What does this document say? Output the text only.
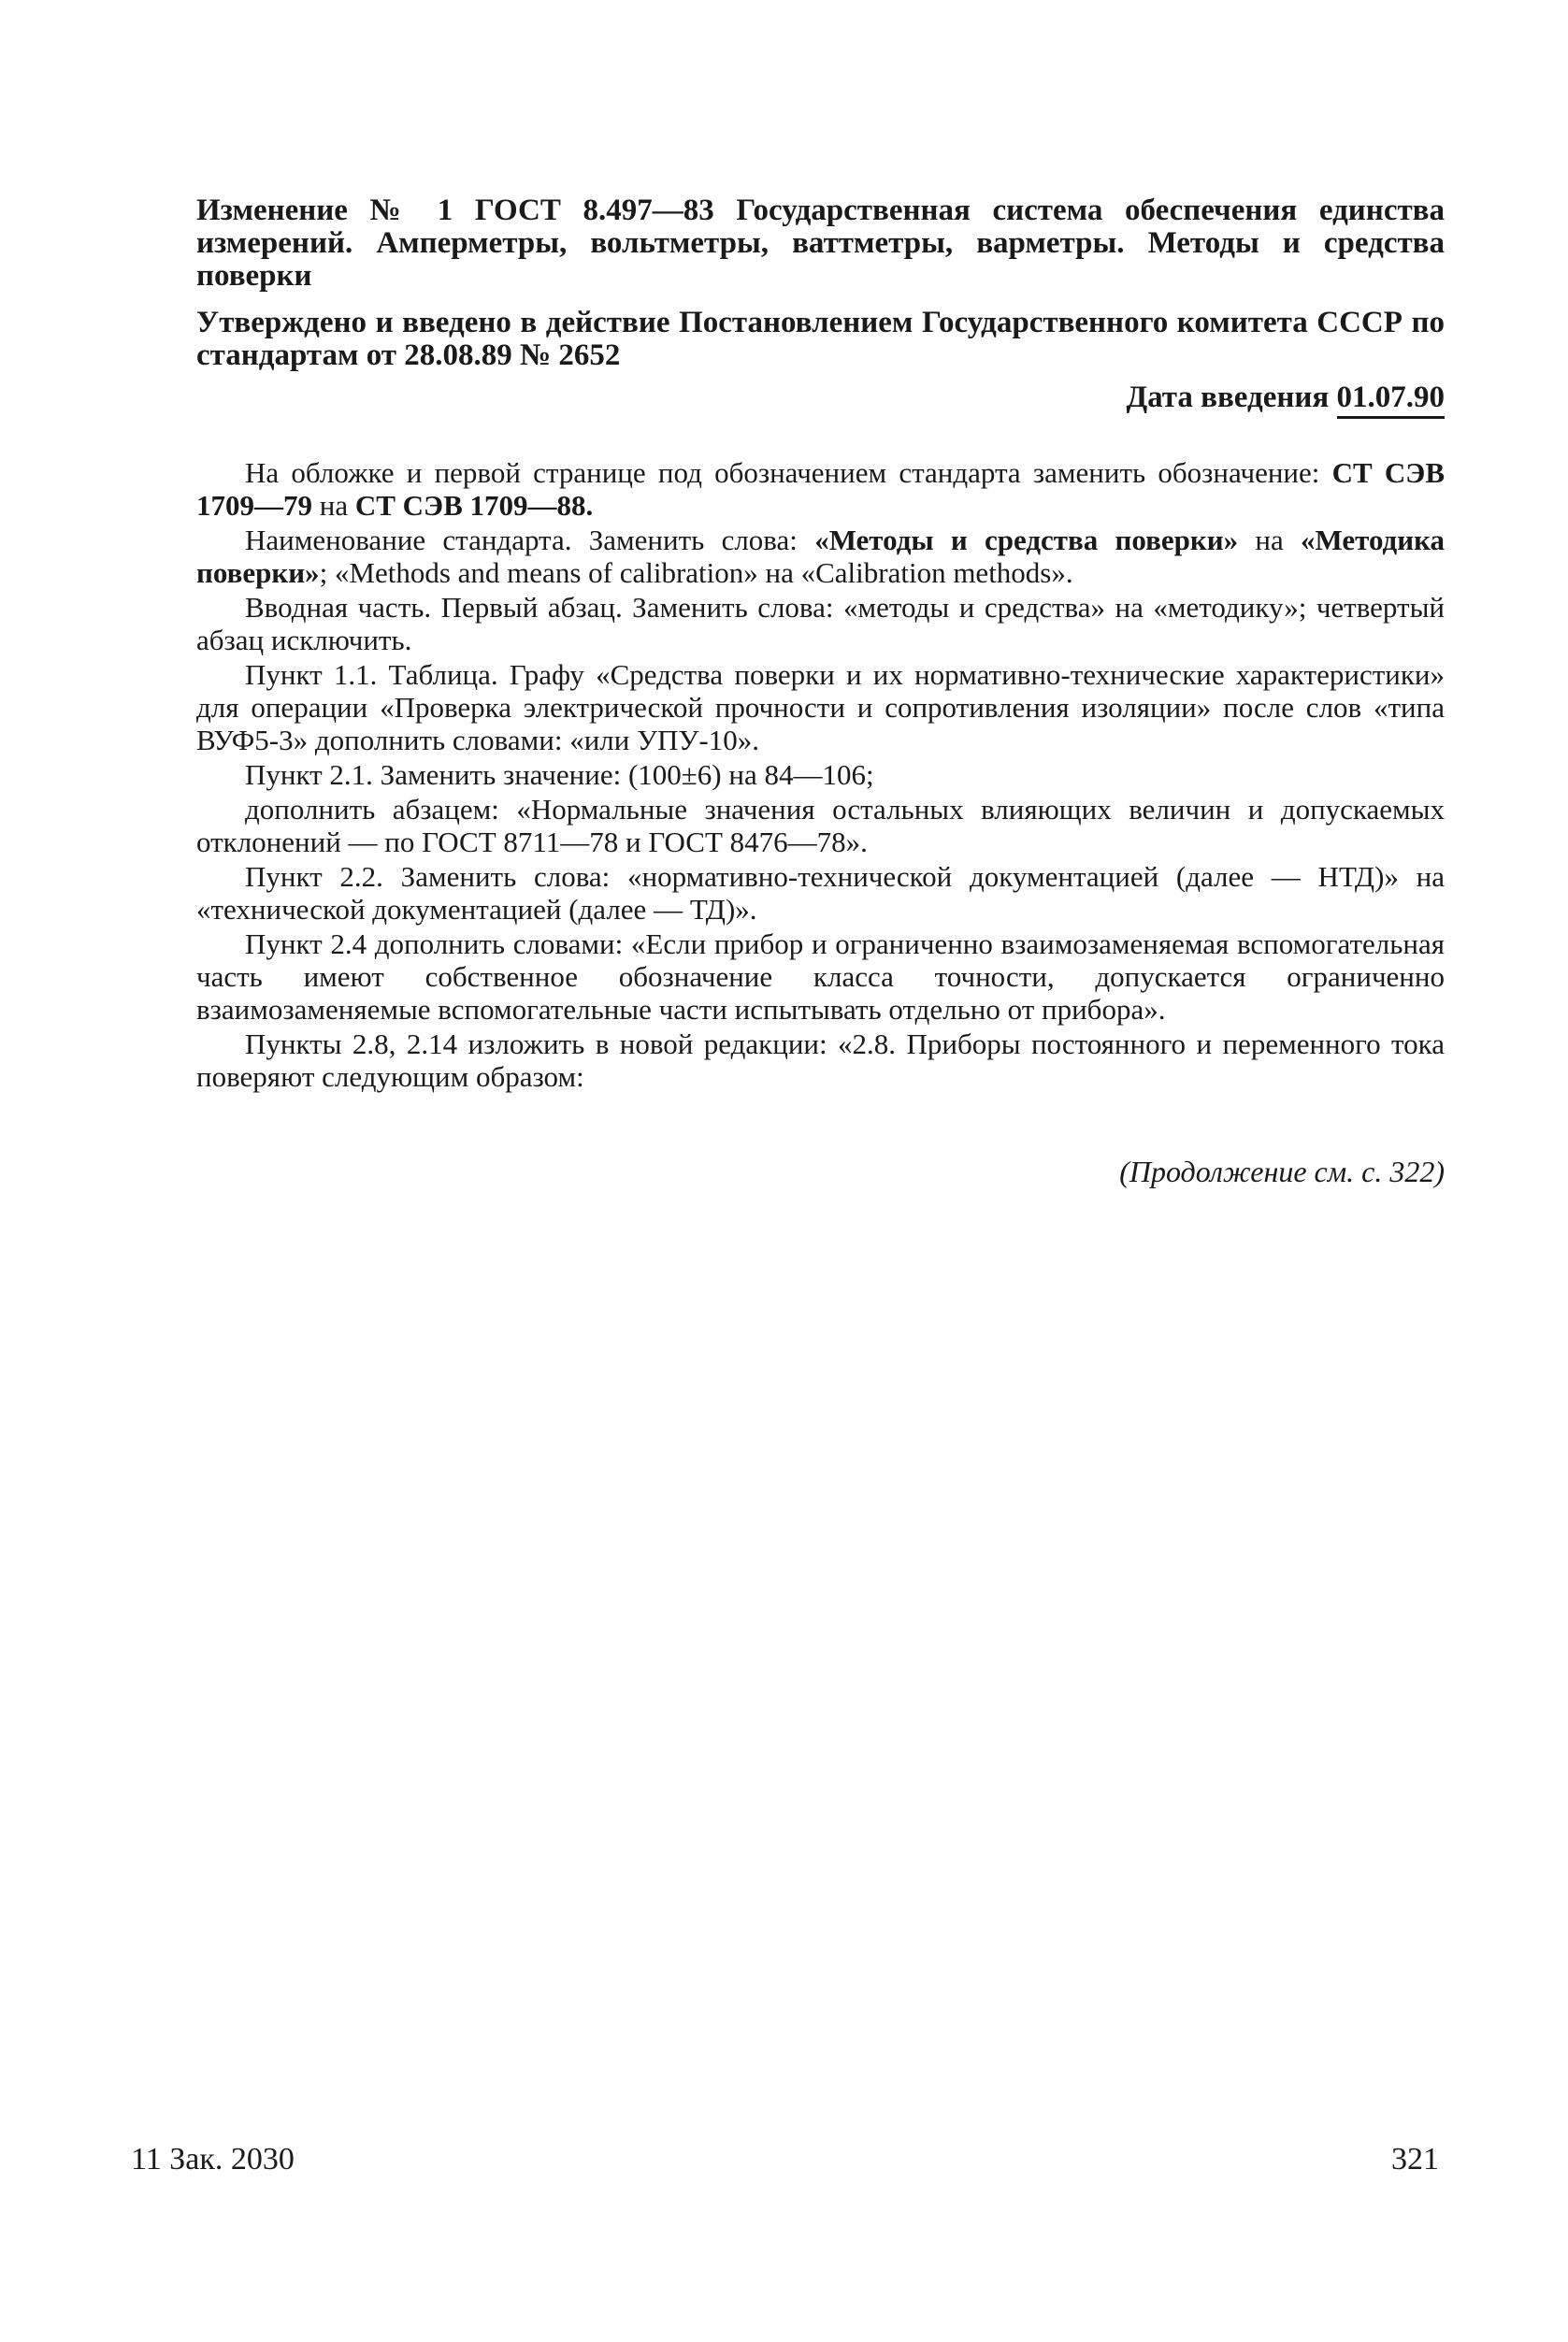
Изменение № 1 ГОСТ 8.497—83 Государственная система обеспечения единства измерений. Амперметры, вольтметры, ваттметры, варметры. Методы и средства поверки

Утверждено и введено в действие Постановлением Государственного комитета СССР по стандартам от 28.08.89 № 2652

Дата введения 01.07.90

На обложке и первой странице под обозначением стандарта заменить обозначение: СТ СЭВ 1709—79 на СТ СЭВ 1709—88.

Наименование стандарта. Заменить слова: «Методы и средства поверки» на «Методика поверки»; «Methods and means of calibration» на «Calibration methods».

Вводная часть. Первый абзац. Заменить слова: «методы и средства» на «методику»; четвертый абзац исключить.

Пункт 1.1. Таблица. Графу «Средства поверки и их нормативно-технические характеристики» для операции «Проверка электрической прочности и сопротивления изоляции» после слов «типа ВУФ5-3» дополнить словами: «или УПУ-10».

Пункт 2.1. Заменить значение: (100±6) на 84—106;

дополнить абзацем: «Нормальные значения остальных влияющих величин и допускаемых отклонений — по ГОСТ 8711—78 и ГОСТ 8476—78».

Пункт 2.2. Заменить слова: «нормативно-технической документацией (далее — НТД)» на «технической документацией (далее — ТД)».

Пункт 2.4 дополнить словами: «Если прибор и ограниченно взаимозаменяемая вспомогательная часть имеют собственное обозначение класса точности, допускается ограниченно взаимозаменяемые вспомогательные части испытывать отдельно от прибора».

Пункты 2.8, 2.14 изложить в новой редакции: «2.8. Приборы постоянного и переменного тока поверяют следующим образом:

(Продолжение см. с. 322)
11 Зак. 2030	321
